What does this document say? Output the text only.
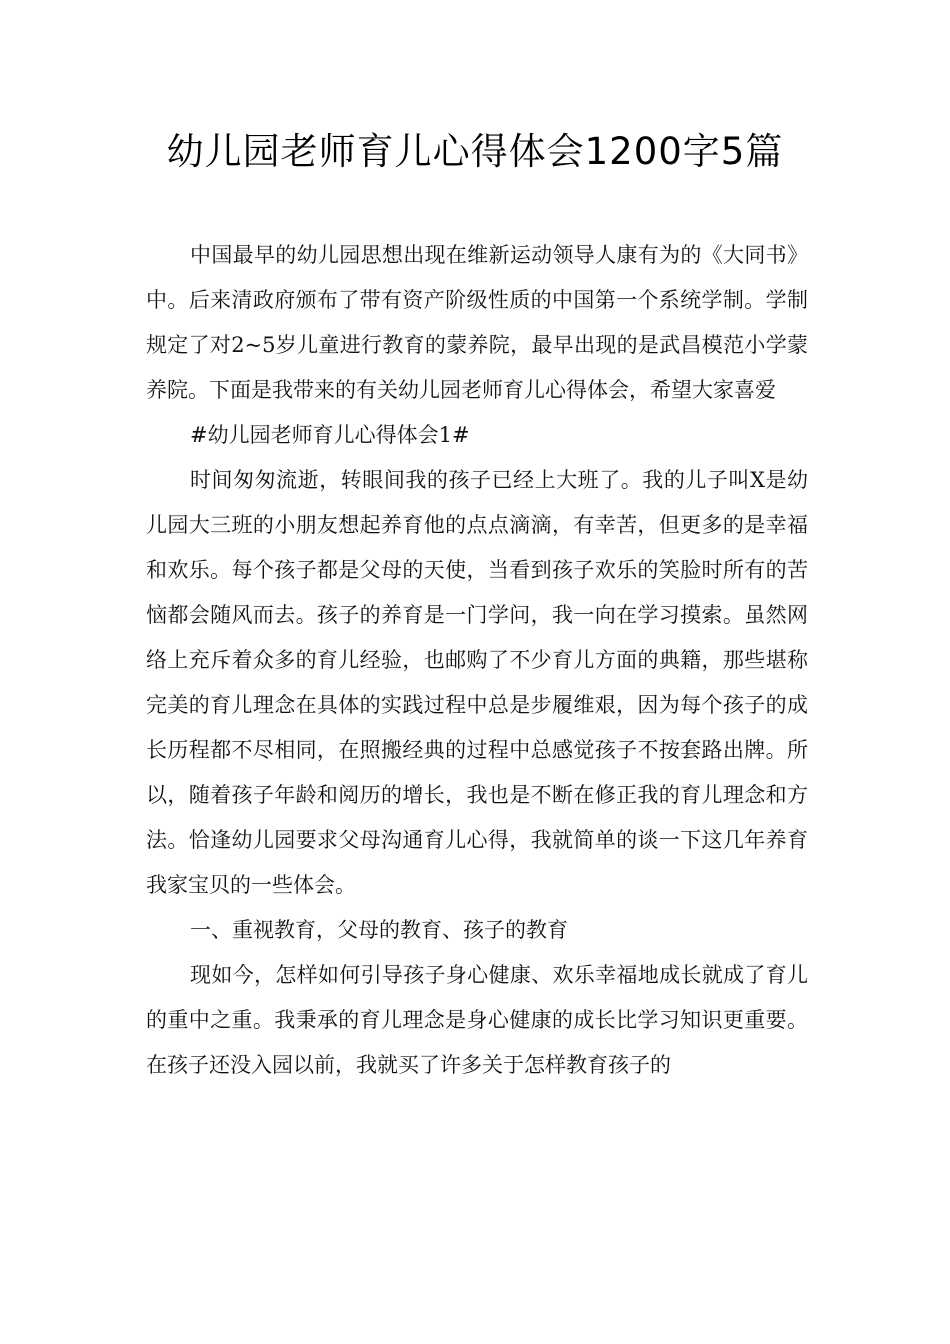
幼儿园老师育儿心得体会1200字5篇

中国最早的幼儿园思想出现在维新运动领导人康有为的《大同书》中。后来清政府颁布了带有资产阶级性质的中国第一个系统学制。学制规定了对2~5岁儿童进行教育的蒙养院，最早出现的是武昌模范小学蒙养院。下面是我带来的有关幼儿园老师育儿心得体会，希望大家喜爱

#幼儿园老师育儿心得体会1#

时间匆匆流逝，转眼间我的孩子已经上大班了。我的儿子叫X是幼儿园大三班的小朋友想起养育他的点点滴滴，有幸苦，但更多的是幸福和欢乐。每个孩子都是父母的天使，当看到孩子欢乐的笑脸时所有的苦恼都会随风而去。孩子的养育是一门学问，我一向在学习摸索。虽然网络上充斥着众多的育儿经验，也邮购了不少育儿方面的典籍，那些堪称完美的育儿理念在具体的实践过程中总是步履维艰，因为每个孩子的成长历程都不尽相同，在照搬经典的过程中总感觉孩子不按套路出牌。所以，随着孩子年龄和阅历的增长，我也是不断在修正我的育儿理念和方法。恰逢幼儿园要求父母沟通育儿心得，我就简单的谈一下这几年养育我家宝贝的一些体会。

一、重视教育，父母的教育、孩子的教育

现如今，怎样如何引导孩子身心健康、欢乐幸福地成长就成了育儿的重中之重。我秉承的育儿理念是身心健康的成长比学习知识更重要。在孩子还没入园以前，我就买了许多关于怎样教育孩子的
